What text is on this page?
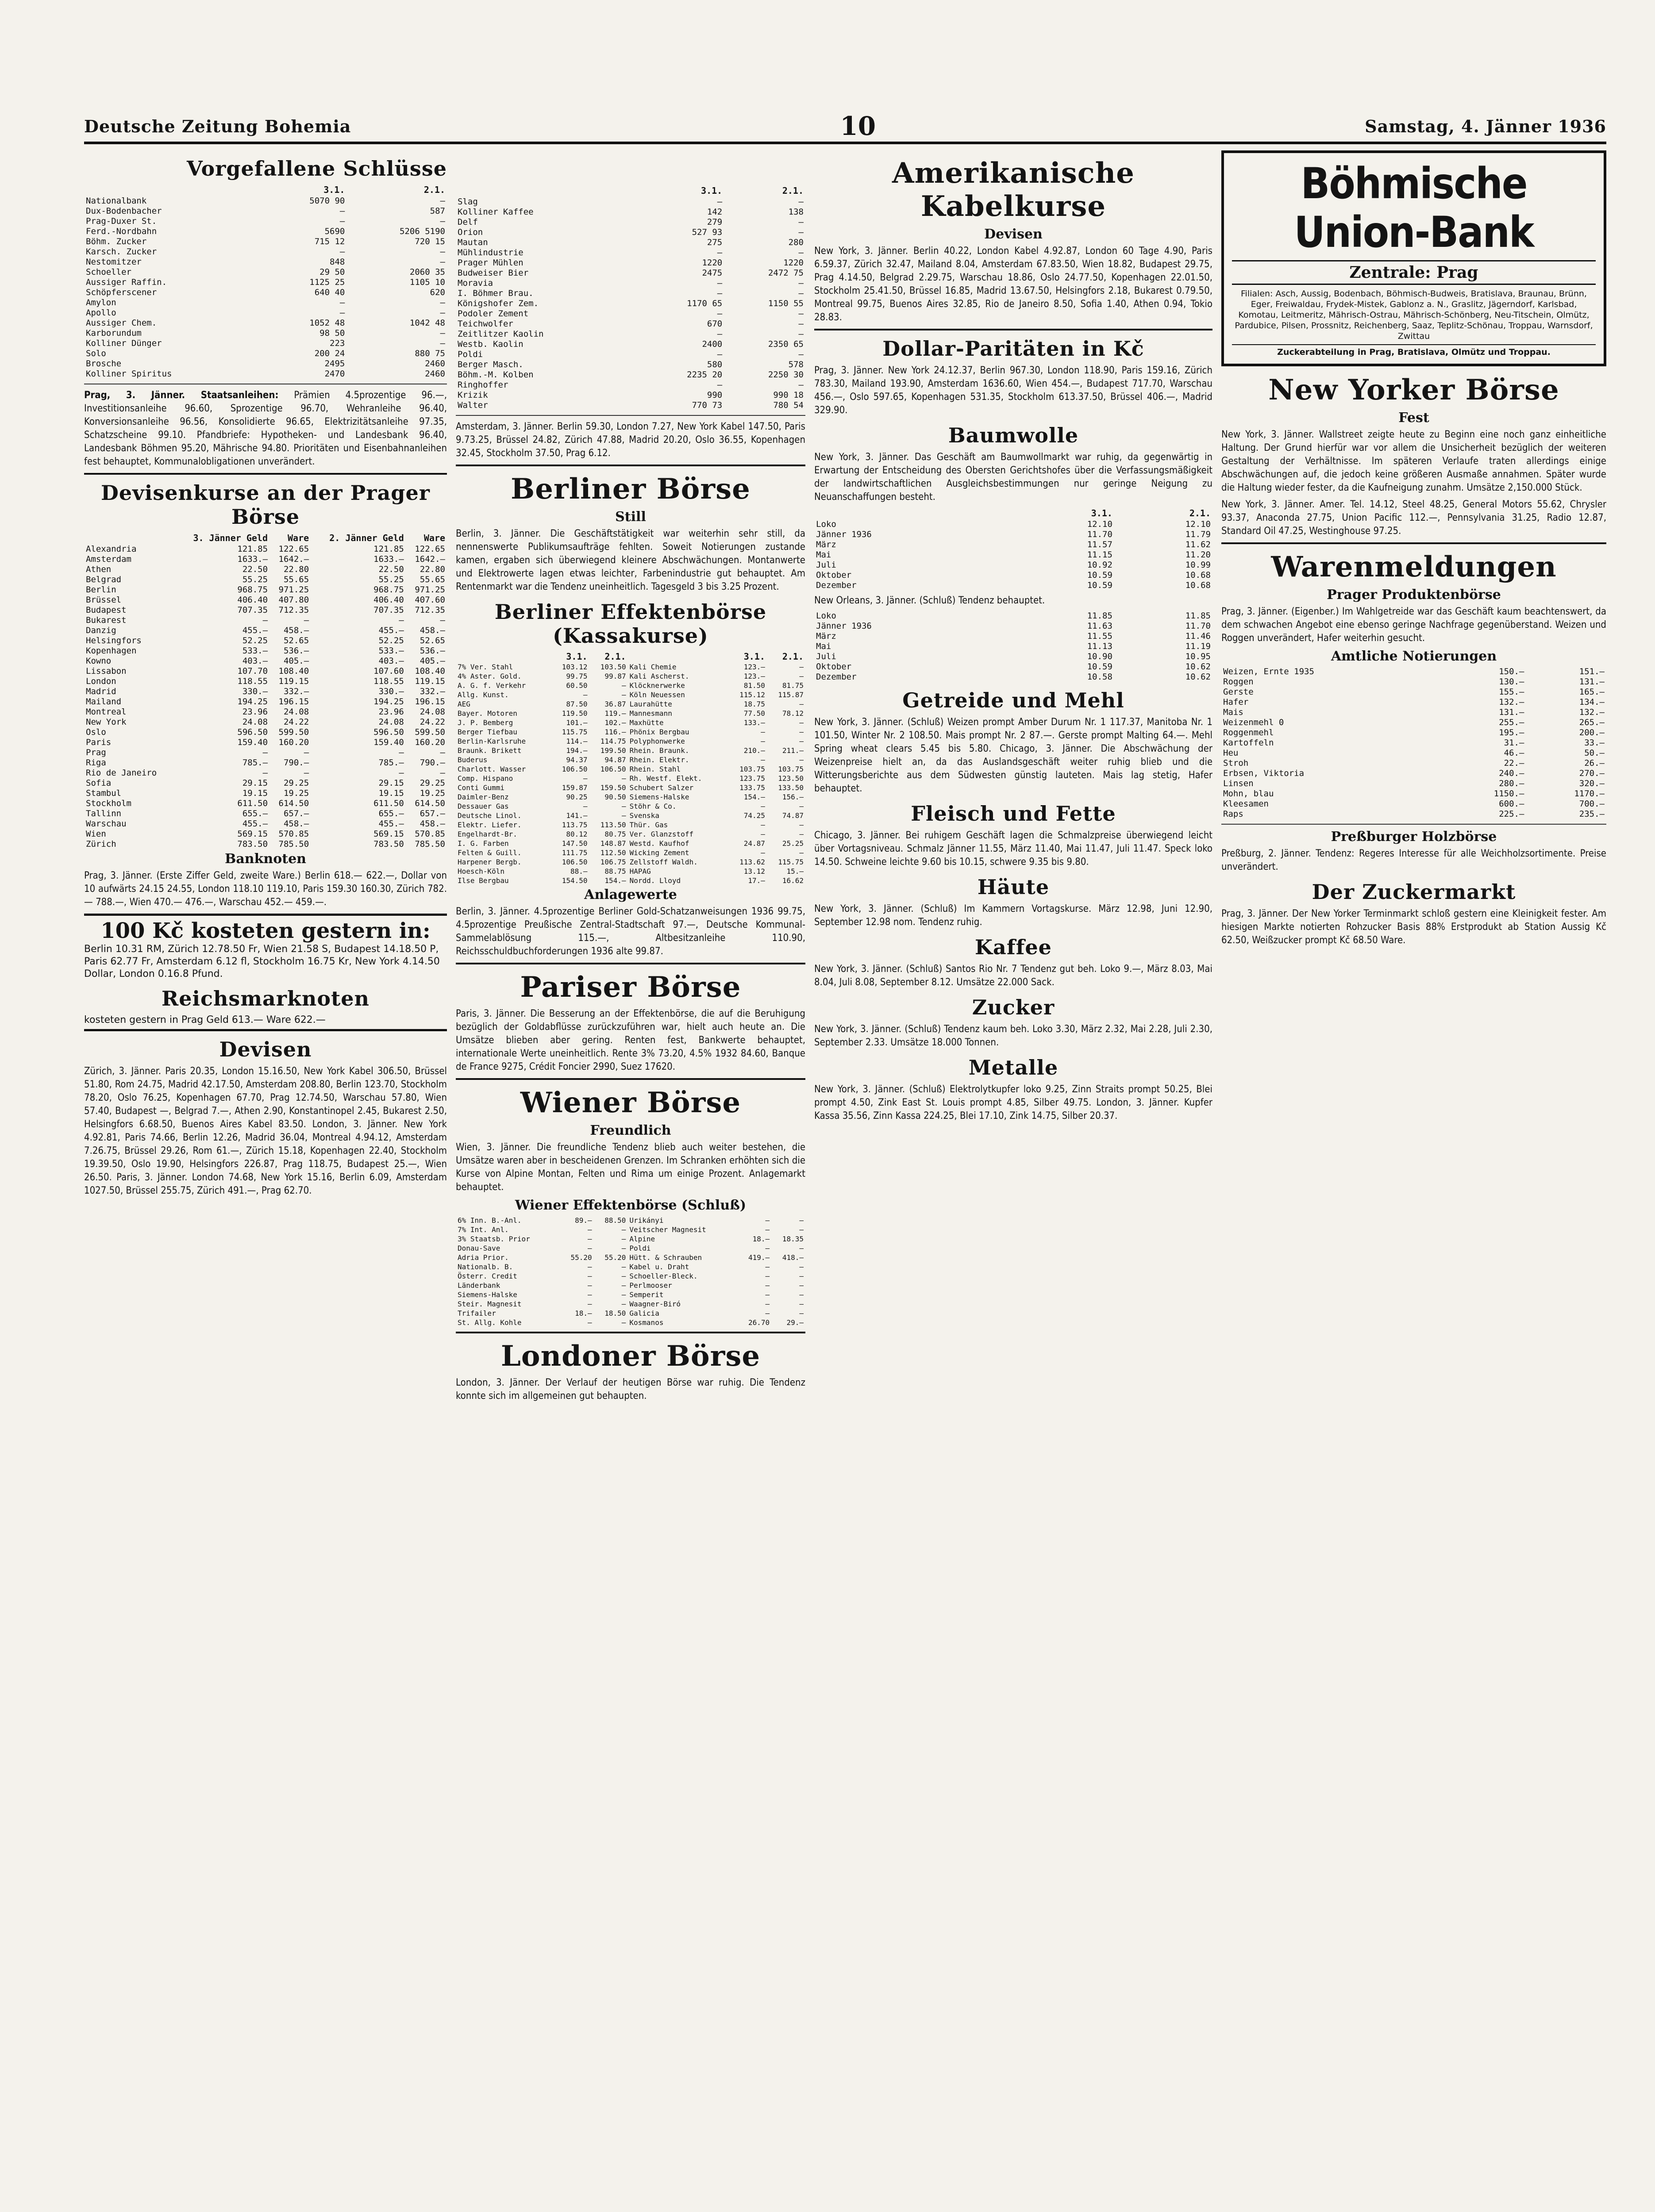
Deutsche Zeitung Bohemia	10	Samstag, 4. Jänner 1936
Vorgefallene Schlüsse
	3.1.	2.1.
Nationalbank	5070 90	—
Dux-Bodenbacher	—	587
Prag-Duxer St.	—	—
Ferd.-Nordbahn	5690	5206 5190
Böhm. Zucker	715 12	720 15
Karsch. Zucker	—	—
Nestomitzer	848	—
Schoeller	29 50	2060 35
Aussiger Raffin.	1125 25	1105 10
Schöpferscener	640 40	620
Amylon	—	—
Apollo	—	—
Aussiger Chem.	1052 48	1042 48
Karborundum	98 50	—
Kolliner Dünger	223	—
Solo	200 24	880 75
Brosche	2495	2460
Kolliner Spiritus	2470	2460

Prag, 3. Jänner. Staatsanleihen: Prämien 4.5prozentige 96.—, Investitionsanleihe 96.60, Sprozentige 96.70, Wehranleihe 96.40, Konversionsanleihe 96.56, Konsolidierte 96.65, Elektrizitätsanleihe 97.35, Schatzscheine 99.10. Pfandbriefe: Hypotheken- und Landesbank 96.40, Landesbank Böhmen 95.20, Mährische 94.80. Prioritäten und Eisenbahnanleihen fest behauptet, Kommunalobligationen unverändert.

Devisenkurse an der Prager Börse
	3. Jänner Geld	Ware	2. Jänner Geld	Ware
Alexandria	121.85	122.65	121.85	122.65
Amsterdam	1633.—	1642.—	1633.—	1642.—
Athen	22.50	22.80	22.50	22.80
Belgrad	55.25	55.65	55.25	55.65
Berlin	968.75	971.25	968.75	971.25
Brüssel	406.40	407.80	406.40	407.60
Budapest	707.35	712.35	707.35	712.35
Bukarest	—	—	—	—
Danzig	455.—	458.—	455.—	458.—
Helsingfors	52.25	52.65	52.25	52.65
Kopenhagen	533.—	536.—	533.—	536.—
Kowno	403.—	405.—	403.—	405.—
Lissabon	107.70	108.40	107.60	108.40
London	118.55	119.15	118.55	119.15
Madrid	330.—	332.—	330.—	332.—
Mailand	194.25	196.15	194.25	196.15
Montreal	23.96	24.08	23.96	24.08
New York	24.08	24.22	24.08	24.22
Oslo	596.50	599.50	596.50	599.50
Paris	159.40	160.20	159.40	160.20
Prag	—	—	—	—
Riga	785.—	790.—	785.—	790.—
Rio de Janeiro	—	—	—	—
Sofia	29.15	29.25	29.15	29.25
Stambul	19.15	19.25	19.15	19.25
Stockholm	611.50	614.50	611.50	614.50
Tallinn	655.—	657.—	655.—	657.—
Warschau	455.—	458.—	455.—	458.—
Wien	569.15	570.85	569.15	570.85
Zürich	783.50	785.50	783.50	785.50
Banknoten

Prag, 3. Jänner. (Erste Ziffer Geld, zweite Ware.) Berlin 618.— 622.—, Dollar von 10 aufwärts 24.15 24.55, London 118.10 119.10, Paris 159.30 160.30, Zürich 782.— 788.—, Wien 470.— 476.—, Warschau 452.— 459.—.

100 Kč kosteten gestern in:
Berlin 10.31 RM, Zürich 12.78.50 Fr, Wien 21.58 S, Budapest 14.18.50 P, Paris 62.77 Fr, Amsterdam 6.12 fl, Stockholm 16.75 Kr, New York 4.14.50 Dollar, London 0.16.8 Pfund.
Reichsmarknoten
kosteten gestern in Prag Geld 613.— Ware 622.—
Devisen

Zürich, 3. Jänner. Paris 20.35, London 15.16.50, New York Kabel 306.50, Brüssel 51.80, Rom 24.75, Madrid 42.17.50, Amsterdam 208.80, Berlin 123.70, Stockholm 78.20, Oslo 76.25, Kopenhagen 67.70, Prag 12.74.50, Warschau 57.80, Wien 57.40, Budapest —, Belgrad 7.—, Athen 2.90, Konstantinopel 2.45, Bukarest 2.50, Helsingfors 6.68.50, Buenos Aires Kabel 83.50. London, 3. Jänner. New York 4.92.81, Paris 74.66, Berlin 12.26, Madrid 36.04, Montreal 4.94.12, Amsterdam 7.26.75, Brüssel 29.26, Rom 61.—, Zürich 15.18, Kopenhagen 22.40, Stockholm 19.39.50, Oslo 19.90, Helsingfors 226.87, Prag 118.75, Budapest 25.—, Wien 26.50. Paris, 3. Jänner. London 74.68, New York 15.16, Berlin 6.09, Amsterdam 1027.50, Brüssel 255.75, Zürich 491.—, Prag 62.70.

	3.1.	2.1.
Slag	—	—
Kolliner Kaffee	142	138
Delf	279	—
Orion	527 93	—
Mautan	275	280
Mühlindustrie	—	—
Prager Mühlen	1220	1220
Budweiser Bier	2475	2472 75
Moravia	—	—
I. Böhmer Brau.	—	—
Königshofer Zem.	1170 65	1150 55
Podoler Zement	—	—
Teichwolfer	670	—
Zeitlitzer Kaolin	—	—
Westb. Kaolin	2400	2350 65
Poldi	—	—
Berger Masch.	580	578
Böhm.-M. Kolben	2235 20	2250 30
Ringhoffer	—	—
Krizik	990	990 18
Walter	770 73	780 54

Amsterdam, 3. Jänner. Berlin 59.30, London 7.27, New York Kabel 147.50, Paris 9.73.25, Brüssel 24.82, Zürich 47.88, Madrid 20.20, Oslo 36.55, Kopenhagen 32.45, Stockholm 37.50, Prag 6.12.

Berliner Börse
Still

Berlin, 3. Jänner. Die Geschäftstätigkeit war weiterhin sehr still, da nennenswerte Publikumsaufträge fehlten. Soweit Notierungen zustande kamen, ergaben sich überwiegend kleinere Abschwächungen. Montanwerte und Elektrowerte lagen etwas leichter, Farbenindustrie gut behauptet. Am Rentenmarkt war die Tendenz uneinheitlich. Tagesgeld 3 bis 3.25 Prozent.

Berliner Effektenbörse (Kassakurse)
	3.1.	2.1.		3.1.	2.1.
7% Ver. Stahl	103.12	103.50	Kali Chemie	123.—	—
4% Aster. Gold.	99.75	99.87	Kali Ascherst.	123.—	—
A. G. f. Verkehr	60.50	—	Klöcknerwerke	81.50	81.75
Allg. Kunst.	—	—	Köln Neuessen	115.12	115.87
AEG	87.50	36.87	Laurahütte	18.75	—
Bayer. Motoren	119.50	119.—	Mannesmann	77.50	78.12
J. P. Bemberg	101.—	102.—	Maxhütte	133.—	—
Berger Tiefbau	115.75	116.—	Phönix Bergbau	—	—
Berlin-Karlsruhe	114.—	114.75	Polyphonwerke	—	—
Braunk. Brikett	194.—	199.50	Rhein. Braunk.	210.—	211.—
Buderus	94.37	94.87	Rhein. Elektr.	—	—
Charlott. Wasser	106.50	106.50	Rhein. Stahl	103.75	103.75
Comp. Hispano	—	—	Rh. Westf. Elekt.	123.75	123.50
Conti Gummi	159.87	159.50	Schubert Salzer	133.75	133.50
Daimler-Benz	90.25	90.50	Siemens-Halske	154.—	156.—
Dessauer Gas	—	—	Stöhr & Co.	—	—
Deutsche Linol.	141.—	—	Svenska	74.25	74.87
Elektr. Liefer.	113.75	113.50	Thür. Gas	—	—
Engelhardt-Br.	80.12	80.75	Ver. Glanzstoff	—	—
I. G. Farben	147.50	148.87	Westd. Kaufhof	24.87	25.25
Felten & Guill.	111.75	112.50	Wicking Zement	—	—
Harpener Bergb.	106.50	106.75	Zellstoff Waldh.	113.62	115.75
Hoesch-Köln	88.—	88.75	HAPAG	13.12	15.—
Ilse Bergbau	154.50	154.—	Nordd. Lloyd	17.—	16.62
Anlagewerte

Berlin, 3. Jänner. 4.5prozentige Berliner Gold-Schatzanweisungen 1936 99.75, 4.5prozentige Preußische Zentral-Stadtschaft 97.—, Deutsche Kommunal-Sammelablösung 115.—, Altbesitzanleihe 110.90, Reichsschuldbuchforderungen 1936 alte 99.87.

Pariser Börse

Paris, 3. Jänner. Die Besserung an der Effektenbörse, die auf die Beruhigung bezüglich der Goldabflüsse zurückzuführen war, hielt auch heute an. Die Umsätze blieben aber gering. Renten fest, Bankwerte behauptet, internationale Werte uneinheitlich. Rente 3% 73.20, 4.5% 1932 84.60, Banque de France 9275, Crédit Foncier 2990, Suez 17620.

Wiener Börse
Freundlich

Wien, 3. Jänner. Die freundliche Tendenz blieb auch weiter bestehen, die Umsätze waren aber in bescheidenen Grenzen. Im Schranken erhöhten sich die Kurse von Alpine Montan, Felten und Rima um einige Prozent. Anlagemarkt behauptet.

Wiener Effektenbörse (Schluß)
6% Inn. B.-Anl.	89.—	88.50	Urikányi	—	—
7% Int. Anl.	—	—	Veitscher Magnesit	—	—
3% Staatsb. Prior	—	—	Alpine	18.—	18.35
Donau-Save	—	—	Poldi	—	—
Adria Prior.	55.20	55.20	Hütt. & Schrauben	419.—	418.—
Nationalb. B.	—	—	Kabel u. Draht	—	—
Österr. Credit	—	—	Schoeller-Bleck.	—	—
Länderbank	—	—	Perlmooser	—	—
Siemens-Halske	—	—	Semperit	—	—
Steir. Magnesit	—	—	Waagner-Biró	—	—
Trifailer	18.—	18.50	Galicia	—	—
St. Allg. Kohle	—	—	Kosmanos	26.70	29.—
Londoner Börse

London, 3. Jänner. Der Verlauf der heutigen Börse war ruhig. Die Tendenz konnte sich im allgemeinen gut behaupten.

Amerikanische Kabelkurse
Devisen

New York, 3. Jänner. Berlin 40.22, London Kabel 4.92.87, London 60 Tage 4.90, Paris 6.59.37, Zürich 32.47, Mailand 8.04, Amsterdam 67.83.50, Wien 18.82, Budapest 29.75, Prag 4.14.50, Belgrad 2.29.75, Warschau 18.86, Oslo 24.77.50, Kopenhagen 22.01.50, Stockholm 25.41.50, Brüssel 16.85, Madrid 13.67.50, Helsingfors 2.18, Bukarest 0.79.50, Montreal 99.75, Buenos Aires 32.85, Rio de Janeiro 8.50, Sofia 1.40, Athen 0.94, Tokio 28.83.

Dollar-Paritäten in Kč

Prag, 3. Jänner. New York 24.12.37, Berlin 967.30, London 118.90, Paris 159.16, Zürich 783.30, Mailand 193.90, Amsterdam 1636.60, Wien 454.—, Budapest 717.70, Warschau 456.—, Oslo 597.65, Kopenhagen 531.35, Stockholm 613.37.50, Brüssel 406.—, Madrid 329.90.

Baumwolle

New York, 3. Jänner. Das Geschäft am Baumwollmarkt war ruhig, da gegenwärtig in Erwartung der Entscheidung des Obersten Gerichtshofes über die Verfassungsmäßigkeit der landwirtschaftlichen Ausgleichsbestimmungen nur geringe Neigung zu Neuanschaffungen besteht.

	3.1.	2.1.
Loko	12.10	12.10
Jänner 1936	11.70	11.79
März	11.57	11.62
Mai	11.15	11.20
Juli	10.92	10.99
Oktober	10.59	10.68
Dezember	10.59	10.68

New Orleans, 3. Jänner. (Schluß) Tendenz behauptet.

Loko	11.85	11.85
Jänner 1936	11.63	11.70
März	11.55	11.46
Mai	11.13	11.19
Juli	10.90	10.95
Oktober	10.59	10.62
Dezember	10.58	10.62
Getreide und Mehl

New York, 3. Jänner. (Schluß) Weizen prompt Amber Durum Nr. 1 117.37, Manitoba Nr. 1 101.50, Winter Nr. 2 108.50. Mais prompt Nr. 2 87.—. Gerste prompt Malting 64.—. Mehl Spring wheat clears 5.45 bis 5.80. Chicago, 3. Jänner. Die Abschwächung der Weizenpreise hielt an, da das Auslandsgeschäft weiter ruhig blieb und die Witterungsberichte aus dem Südwesten günstig lauteten. Mais lag stetig, Hafer behauptet.

Fleisch und Fette

Chicago, 3. Jänner. Bei ruhigem Geschäft lagen die Schmalzpreise überwiegend leicht über Vortagsniveau. Schmalz Jänner 11.55, März 11.40, Mai 11.47, Juli 11.47. Speck loko 14.50. Schweine leichte 9.60 bis 10.15, schwere 9.35 bis 9.80.

Häute

New York, 3. Jänner. (Schluß) Im Kammern Vortagskurse. März 12.98, Juni 12.90, September 12.98 nom. Tendenz ruhig.

Kaffee

New York, 3. Jänner. (Schluß) Santos Rio Nr. 7 Tendenz gut beh. Loko 9.—, März 8.03, Mai 8.04, Juli 8.08, September 8.12. Umsätze 22.000 Sack.

Zucker

New York, 3. Jänner. (Schluß) Tendenz kaum beh. Loko 3.30, März 2.32, Mai 2.28, Juli 2.30, September 2.33. Umsätze 18.000 Tonnen.

Metalle

New York, 3. Jänner. (Schluß) Elektrolytkupfer loko 9.25, Zinn Straits prompt 50.25, Blei prompt 4.50, Zink East St. Louis prompt 4.85, Silber 49.75. London, 3. Jänner. Kupfer Kassa 35.56, Zinn Kassa 224.25, Blei 17.10, Zink 14.75, Silber 20.37.

Böhmische Union-Bank
Zentrale: Prag
Filialen: Asch, Aussig, Bodenbach, Böhmisch-Budweis, Bratislava, Braunau, Brünn, Eger, Freiwaldau, Frydek-Mistek, Gablonz a. N., Graslitz, Jägerndorf, Karlsbad, Komotau, Leitmeritz, Mährisch-Ostrau, Mährisch-Schönberg, Neu-Titschein, Olmütz, Pardubice, Pilsen, Prossnitz, Reichenberg, Saaz, Teplitz-Schönau, Troppau, Warnsdorf, Zwittau
Zuckerabteilung in Prag, Bratislava, Olmütz und Troppau.
New Yorker Börse
Fest

New York, 3. Jänner. Wallstreet zeigte heute zu Beginn eine noch ganz einheitliche Haltung. Der Grund hierfür war vor allem die Unsicherheit bezüglich der weiteren Gestaltung der Verhältnisse. Im späteren Verlaufe traten allerdings einige Abschwächungen auf, die jedoch keine größeren Ausmaße annahmen. Später wurde die Haltung wieder fester, da die Kaufneigung zunahm. Umsätze 2,150.000 Stück.

New York, 3. Jänner. Amer. Tel. 14.12, Steel 48.25, General Motors 55.62, Chrysler 93.37, Anaconda 27.75, Union Pacific 112.—, Pennsylvania 31.25, Radio 12.87, Standard Oil 47.25, Westinghouse 97.25.

Warenmeldungen
Prager Produktenbörse

Prag, 3. Jänner. (Eigenber.) Im Wahlgetreide war das Geschäft kaum beachtenswert, da dem schwachen Angebot eine ebenso geringe Nachfrage gegenüberstand. Weizen und Roggen unverändert, Hafer weiterhin gesucht.

Amtliche Notierungen
Weizen, Ernte 1935	150.—	151.—
Roggen	130.—	131.—
Gerste	155.—	165.—
Hafer	132.—	134.—
Mais	131.—	132.—
Weizenmehl 0	255.—	265.—
Roggenmehl	195.—	200.—
Kartoffeln	31.—	33.—
Heu	46.—	50.—
Stroh	22.—	26.—
Erbsen, Viktoria	240.—	270.—
Linsen	280.—	320.—
Mohn, blau	1150.—	1170.—
Kleesamen	600.—	700.—
Raps	225.—	235.—
Preßburger Holzbörse

Preßburg, 2. Jänner. Tendenz: Regeres Interesse für alle Weichholzsortimente. Preise unverändert.

Der Zuckermarkt

Prag, 3. Jänner. Der New Yorker Terminmarkt schloß gestern eine Kleinigkeit fester. Am hiesigen Markte notierten Rohzucker Basis 88% Erstprodukt ab Station Aussig Kč 62.50, Weißzucker prompt Kč 68.50 Ware.
